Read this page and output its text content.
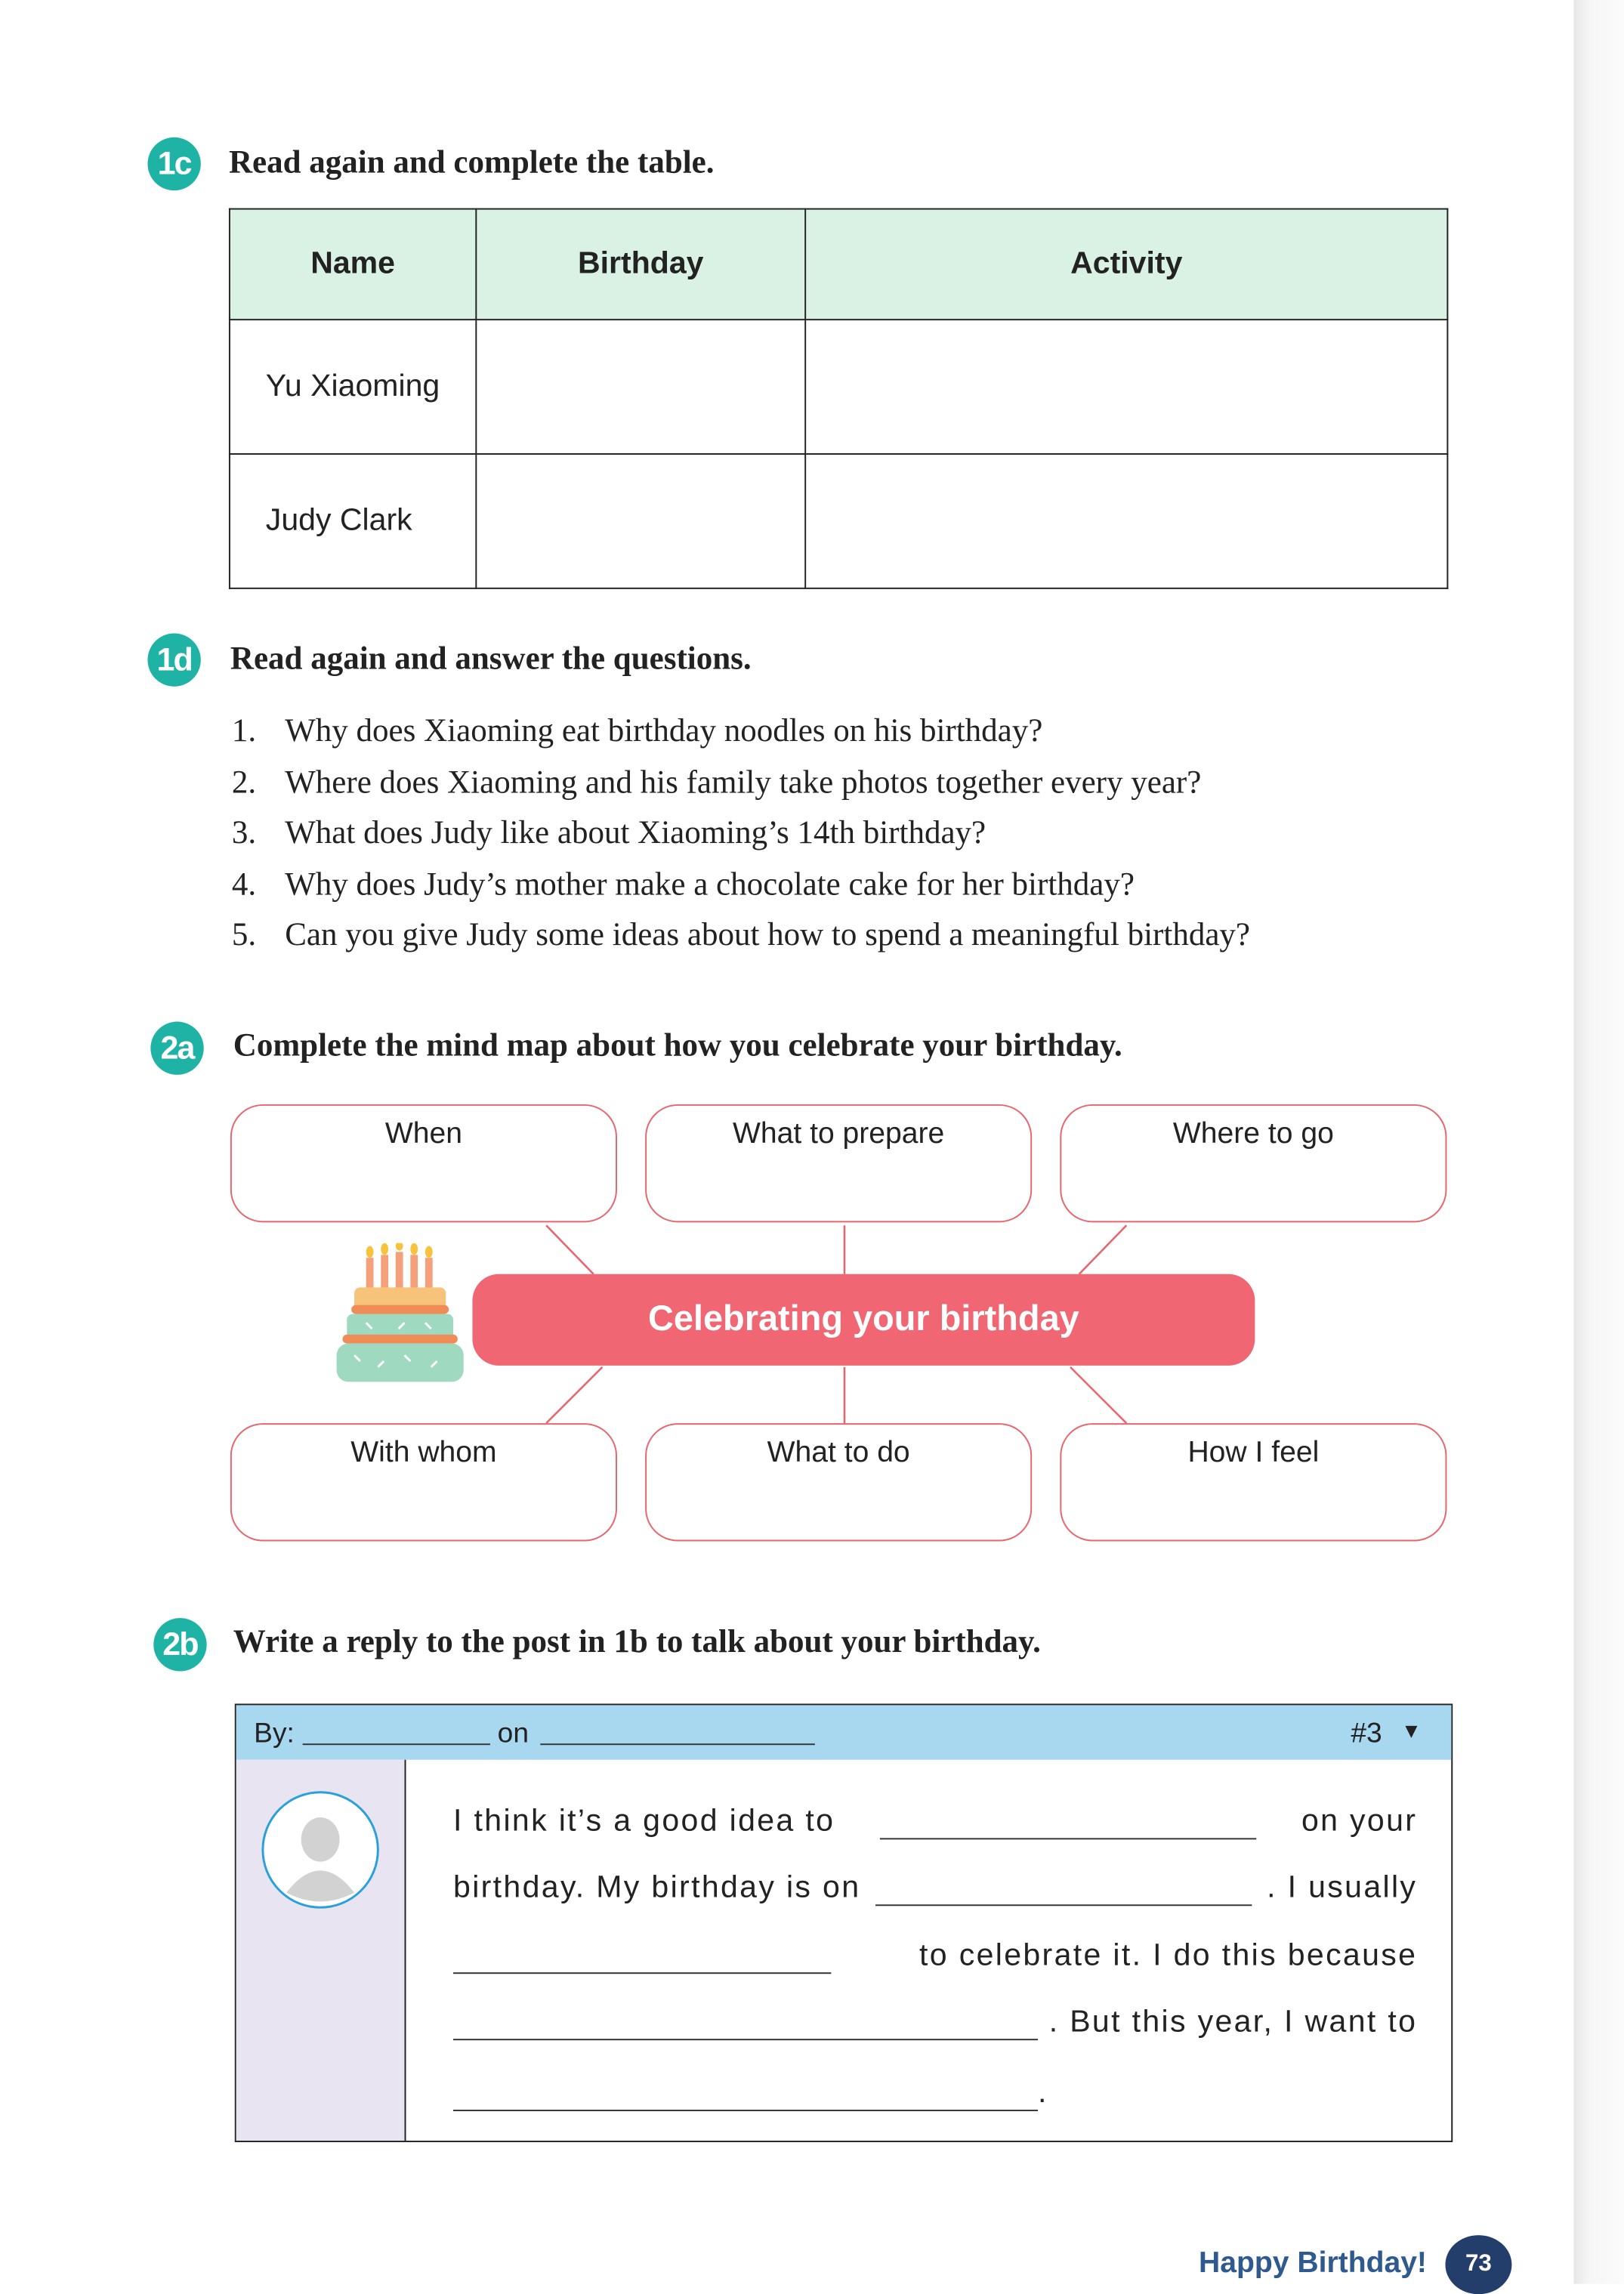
1c	Read again and complete the table.
Name	Birthday	Activity
Yu Xiaoming		
Judy Clark		
1d	Read again and answer the questions.
1. Why does Xiaoming eat birthday noodles on his birthday?
2. Where does Xiaoming and his family take photos together every year?
3. What does Judy like about Xiaoming’s 14th birthday?
4. Why does Judy’s mother make a chocolate cake for her birthday?
5. Can you give Judy some ideas about how to spend a meaningful birthday?
2a	Complete the mind map about how you celebrate your birthday.
When	What to prepare	Where to go
With whom	What to do	How I feel
Celebrating your birthday
2b	Write a reply to the post in 1b to talk about your birthday.
By:	on	#3 ▼
I think it’s a good idea to	on your
birthday. My birthday is on	. I usually
to celebrate it. I do this because
. But this year, I want to
.
Happy Birthday!	73
